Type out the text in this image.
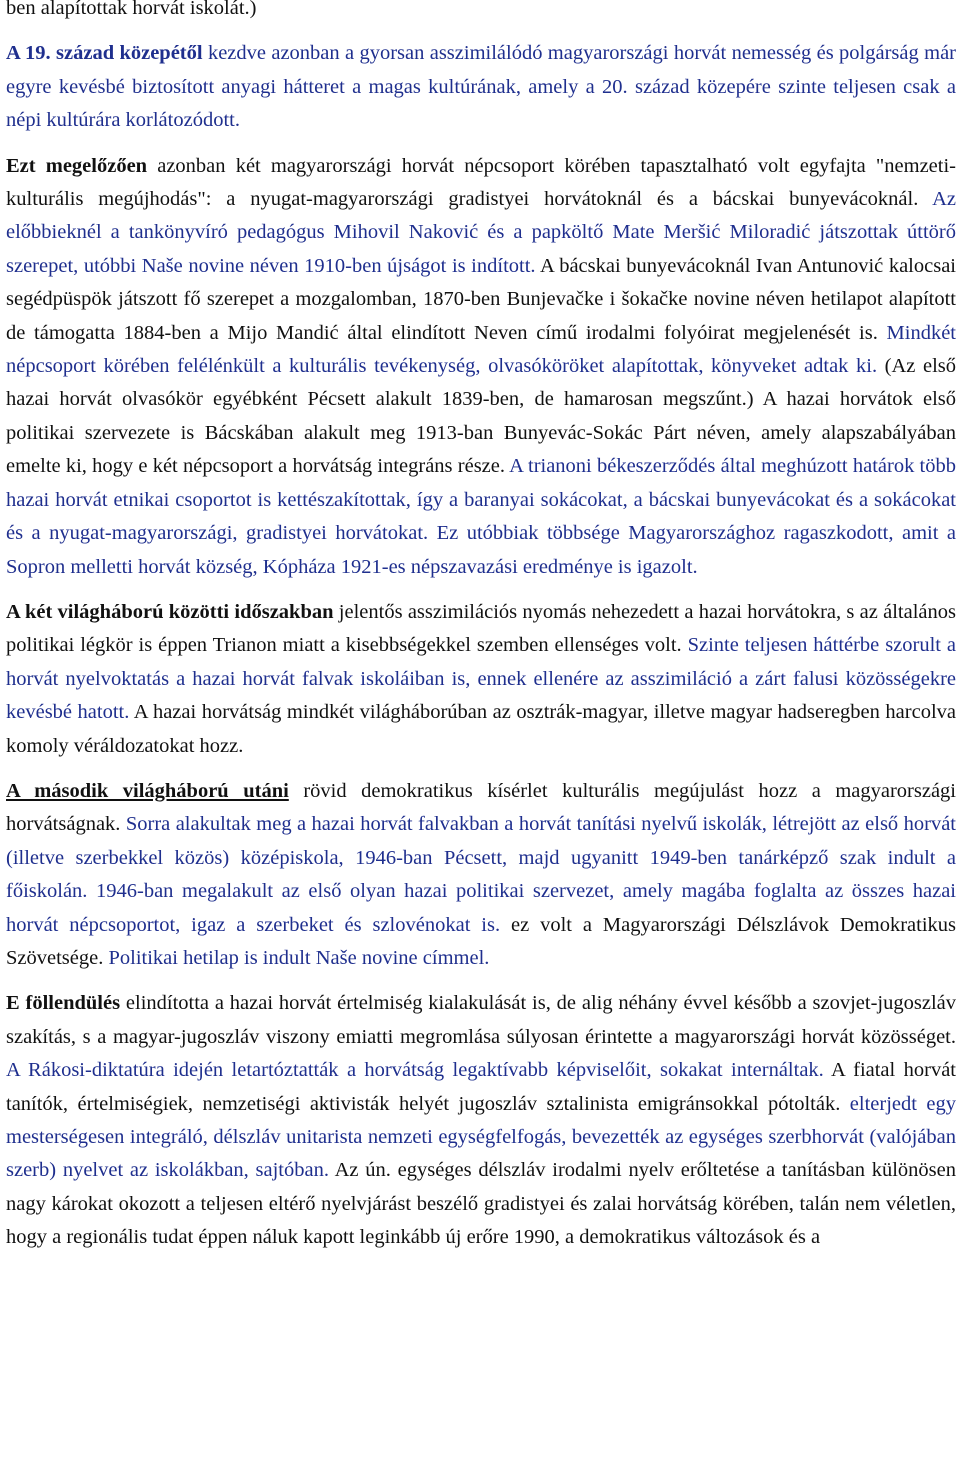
ben alapítottak horvát iskolát.)

A 19. század közepétől kezdve azonban a gyorsan asszimilálódó magyarországi horvát nemesség és polgárság már egyre kevésbé biztosított anyagi hátteret a magas kultúrának, amely a 20. század közepére szinte teljesen csak a népi kultúrára korlátozódott.

Ezt megelőzően azonban két magyarországi horvát népcsoport körében tapasztalható volt egyfajta "nemzeti-kulturális megújhodás": a nyugat-magyarországi gradistyei horvátoknál és a bácskai bunyevácoknál. Az előbbieknél a tankönyvíró pedagógus Mihovil Naković és a papköltő Mate Meršić Miloradić játszottak úttörő szerepet, utóbbi Naše novine néven 1910-ben újságot is indított. A bácskai bunyevácoknál Ivan Antunović kalocsai segédpüspök játszott fő szerepet a mozgalomban, 1870-ben Bunjevačke i šokačke novine néven hetilapot alapított de támogatta 1884-ben a Mijo Mandić által elindított Neven című irodalmi folyóirat megjelenését is. Mindkét népcsoport körében felélénkült a kulturális tevékenység, olvasóköröket alapítottak, könyveket adtak ki. (Az első hazai horvát olvasókör egyébként Pécsett alakult 1839-ben, de hamarosan megszűnt.) A hazai horvátok első politikai szervezete is Bácskában alakult meg 1913-ban Bunyevác-Sokác Párt néven, amely alapszabályában emelte ki, hogy e két népcsoport a horvátság integráns része. A trianoni békeszerződés által meghúzott határok több hazai horvát etnikai csoportot is kettészakítottak, így a baranyai sokácokat, a bácskai bunyevácokat és a sokácokat és a nyugat-magyarországi, gradistyei horvátokat. Ez utóbbiak többsége Magyarországhoz ragaszkodott, amit a Sopron melletti horvát község, Kópháza 1921-es népszavazási eredménye is igazolt.

A két világháború közötti időszakban jelentős asszimilációs nyomás nehezedett a hazai horvátokra, s az általános politikai légkör is éppen Trianon miatt a kisebbségekkel szemben ellenséges volt. Szinte teljesen háttérbe szorult a horvát nyelvoktatás a hazai horvát falvak iskoláiban is, ennek ellenére az asszimiláció a zárt falusi közösségekre kevésbé hatott. A hazai horvátság mindkét világháborúban az osztrák-magyar, illetve magyar hadseregben harcolva komoly véráldozatokat hozz.

A második világháború utáni rövid demokratikus kísérlet kulturális megújulást hozz a magyarországi horvátságnak. Sorra alakultak meg a hazai horvát falvakban a horvát tanítási nyelvű iskolák, létrejött az első horvát (illetve szerbekkel közös) középiskola, 1946-ban Pécsett, majd ugyanitt 1949-ben tanárképző szak indult a főiskolán. 1946-ban megalakult az első olyan hazai politikai szervezet, amely magába foglalta az összes hazai horvát népcsoportot, igaz a szerbeket és szlovénokat is. ez volt a Magyarországi Délszlávok Demokratikus Szövetsége. Politikai hetilap is indult Naše novine címmel.

E föllendülés elindította a hazai horvát értelmiség kialakulását is, de alig néhány évvel később a szovjet-jugoszláv szakítás, s a magyar-jugoszláv viszony emiatti megromlása súlyosan érintette a magyarországi horvát közösséget. A Rákosi-diktatúra idején letartóztatták a horvátság legaktívabb képviselőit, sokakat internáltak. A fiatal horvát tanítók, értelmiségiek, nemzetiségi aktivisták helyét jugoszláv sztalinista emigránsokkal pótolták. elterjedt egy mesterségesen integráló, délszláv unitarista nemzeti egységfelfogás, bevezették az egységes szerbhorvát (valójában szerb) nyelvet az iskolákban, sajtóban. Az ún. egységes délszláv irodalmi nyelv erőltetése a tanításban különösen nagy károkat okozott a teljesen eltérő nyelvjárást beszélő gradistyei és zalai horvátság körében, talán nem véletlen, hogy a regionális tudat éppen náluk kapott leginkább új erőre 1990, a demokratikus változások és a
